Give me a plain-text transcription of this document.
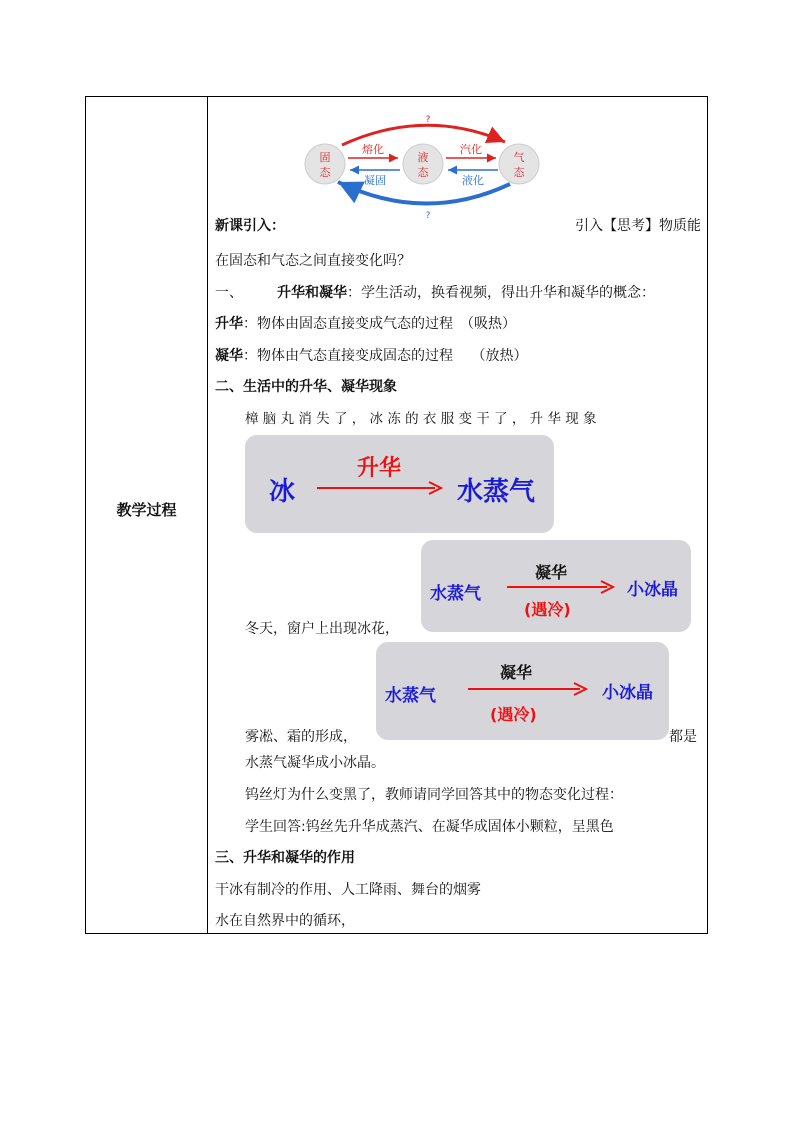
教学过程
?
?
固
态
液
态
气
态
熔化
凝固
汽化
液化
新课引入：	引入【思考】物质能
在固态和气态之间直接变化吗？
一、 升华和凝华：学生活动，换看视频，得出升华和凝华的概念：
升华：物体由固态直接变成气态的过程　（吸热）
凝华：物体由气态直接变成固态的过程　 （放热）
二、生活中的升华、凝华现象
樟 脑 丸 消 失 了 ， 冰 冻 的 衣 服 变 干 了 ， 升 华 现 象
冰
升华
水蒸气
水蒸气
凝华
(遇冷)
小冰晶
冬天，窗户上出现冰花，
水蒸气
凝华
(遇冷)
小冰晶
雾凇、霜的形成，	都是
水蒸气凝华成小冰晶。
钨丝灯为什么变黑了，教师请同学回答其中的物态变化过程：
学生回答:钨丝先升华成蒸汽、在凝华成固体小颗粒，呈黑色
三、升华和凝华的作用
干冰有制冷的作用、人工降雨、舞台的烟雾
水在自然界中的循环，
